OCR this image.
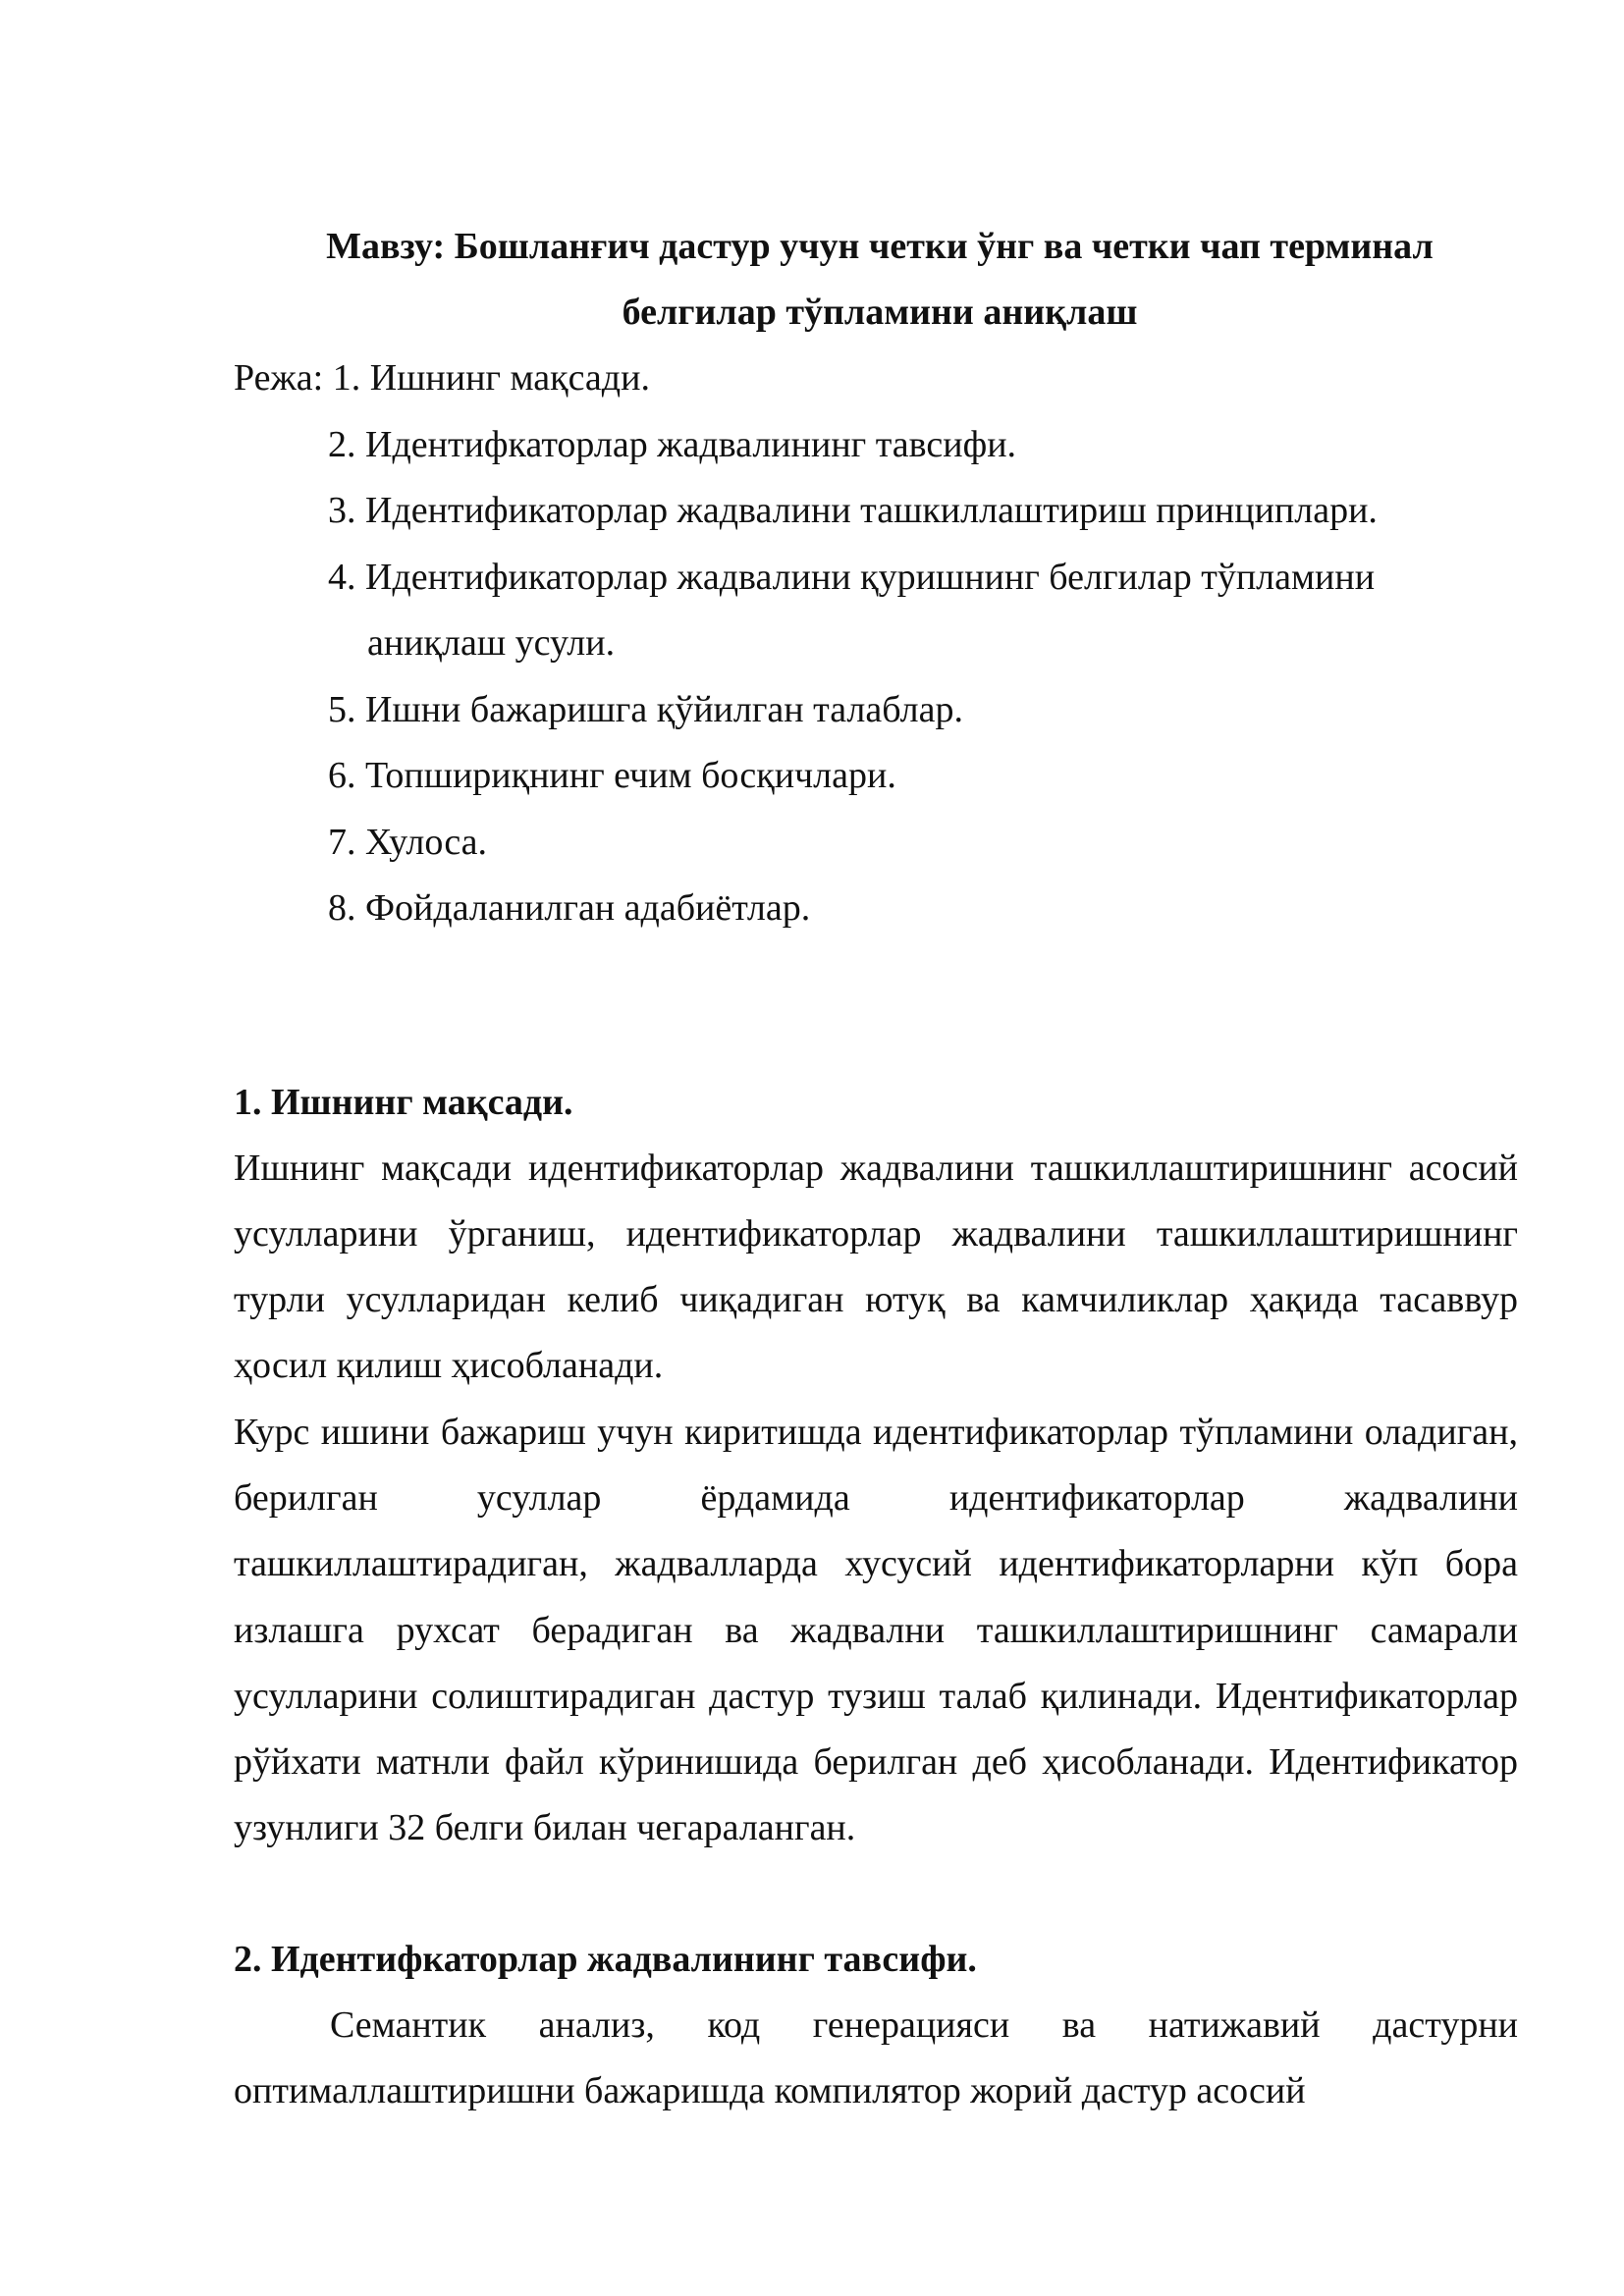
Мавзу: Бошланғич дастур учун четки ўнг ва четки чап терминал

белгилар тўпламини аниқлаш

Режа: 1. Ишнинг мақсади.

2. Идентифкаторлар жадвалининг тавсифи.

3. Идентификаторлар жадвалини ташкиллаштириш принциплари.

4. Идентификаторлар жадвалини қуришнинг белгилар тўпламини

аниқлаш усули.

5. Ишни бажаришга қўйилган талаблар.

6. Топшириқнинг ечим босқичлари.

7. Хулоса.

8. Фойдаланилган адабиётлар.

1. Ишнинг мақсади.

Ишнинг мақсади идентификаторлар жадвалини ташкиллаштиришнинг асосий усулларини ўрганиш, идентификаторлар жадвалини ташкиллаштиришнинг турли усулларидан келиб чиқадиган ютуқ ва камчиликлар ҳақида тасаввур ҳосил қилиш ҳисобланади.

Курс ишини бажариш учун киритишда идентификаторлар тўпламини оладиган, берилган усуллар ёрдамида идентификаторлар жадвалини ташкиллаштирадиган, жадвалларда хусусий идентификаторларни кўп бора излашга рухсат берадиган ва жадвални ташкиллаштиришнинг самарали усулларини солиштирадиган дастур тузиш талаб қилинади. Идентификаторлар рўйхати матнли файл кўринишида берилган деб ҳисобланади. Идентификатор узунлиги 32 белги билан чегараланган.

2. Идентифкаторлар жадвалининг тавсифи.

Семантик анализ, код генерацияси ва натижавий дастурни оптималлаштиришни бажаришда компилятор жорий дастур асосий
